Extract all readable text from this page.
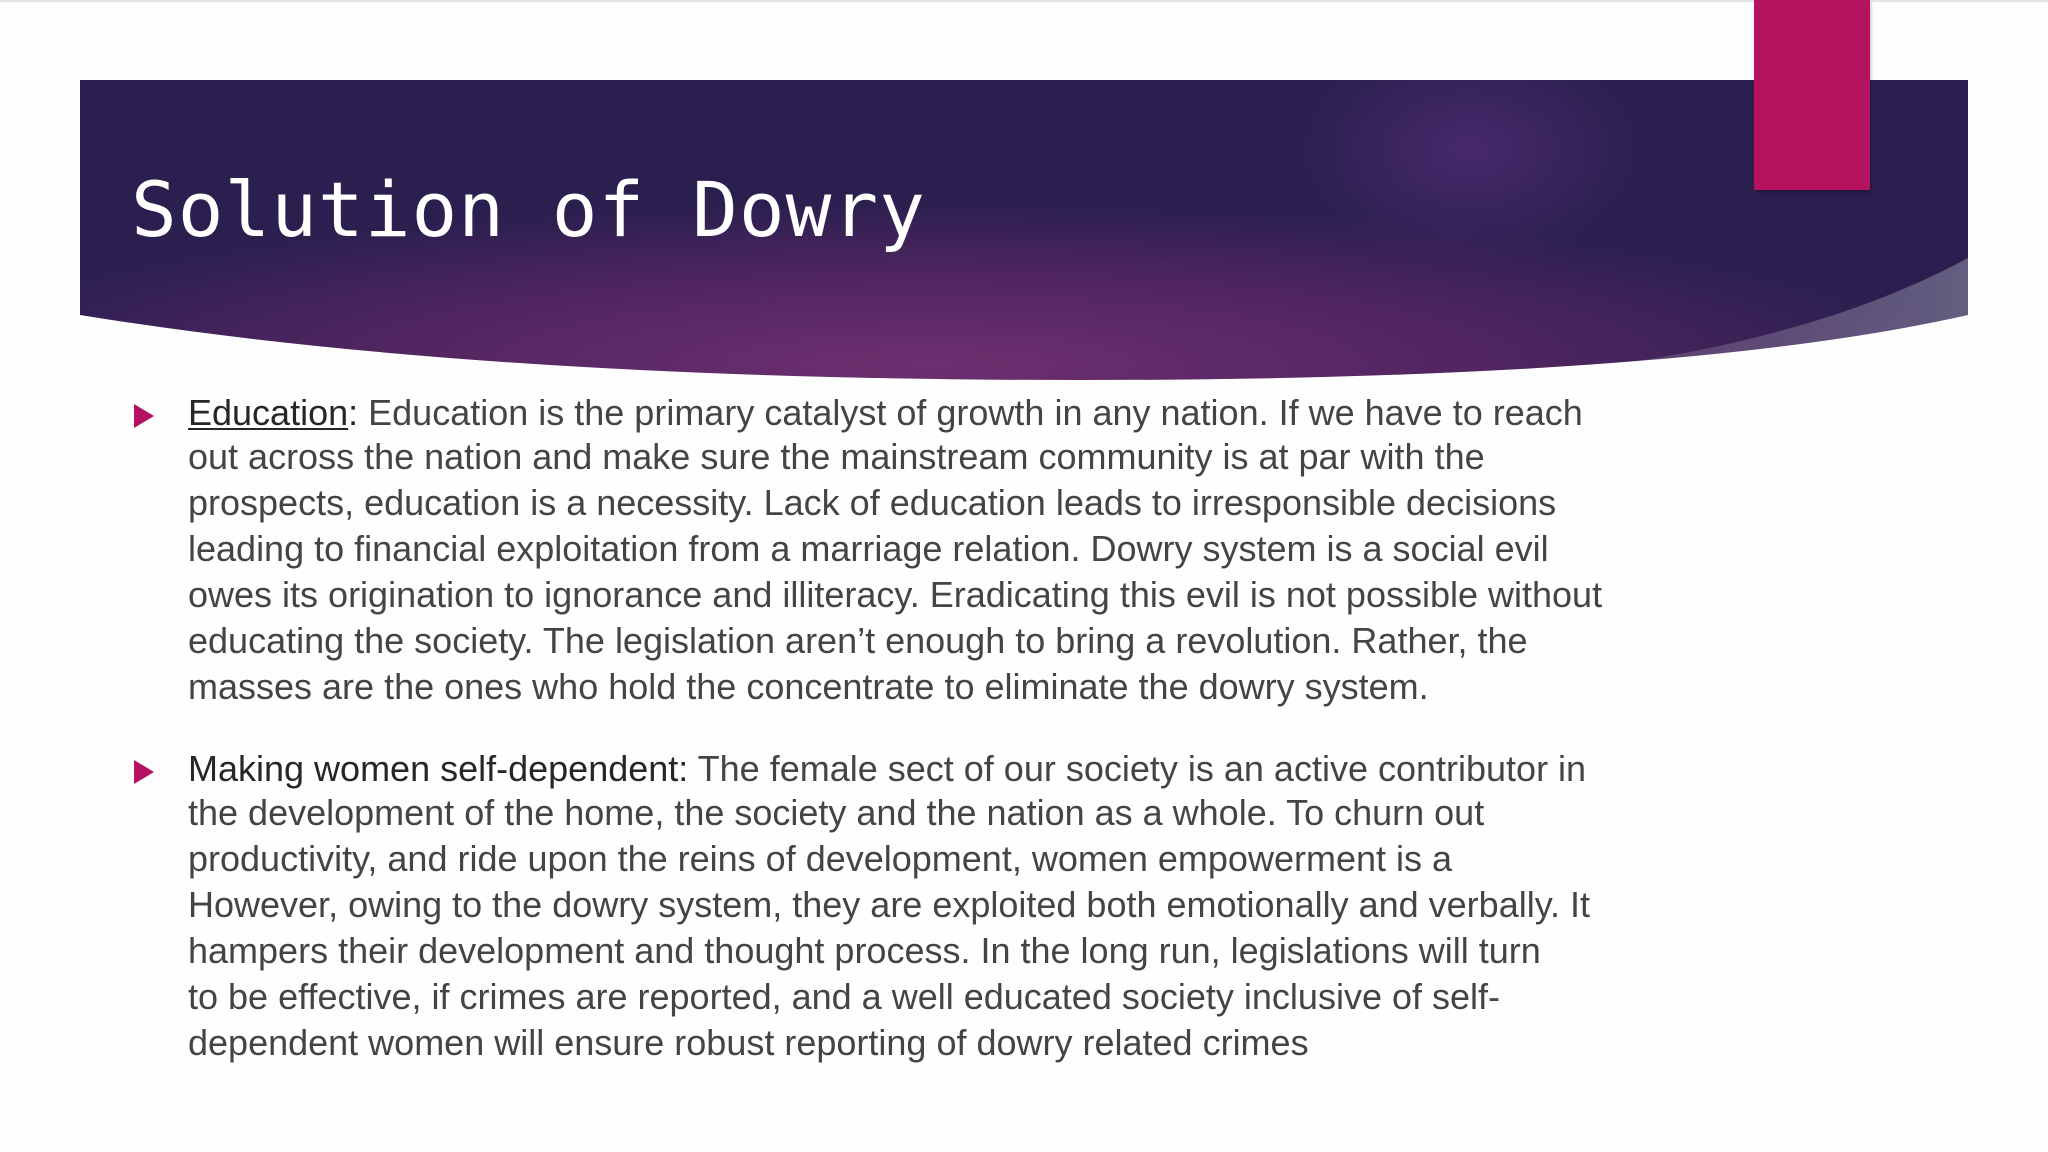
Solution of Dowry

Education: Education is the primary catalyst of growth in any nation. If we have to reach
out across the nation and make sure the mainstream community is at par with the
prospects, education is a necessity. Lack of education leads to irresponsible decisions
leading to financial exploitation from a marriage relation. Dowry system is a social evil
owes its origination to ignorance and illiteracy. Eradicating this evil is not possible without
educating the society. The legislation aren’t enough to bring a revolution. Rather, the
masses are the ones who hold the concentrate to eliminate the dowry system.

Making women self-dependent: The female sect of our society is an active contributor in
the development of the home, the society and the nation as a whole. To churn out
productivity, and ride upon the reins of development, women empowerment is a
However, owing to the dowry system, they are exploited both emotionally and verbally. It
hampers their development and thought process. In the long run, legislations will turn
to be effective, if crimes are reported, and a well educated society inclusive of self-
dependent women will ensure robust reporting of dowry related crimes
